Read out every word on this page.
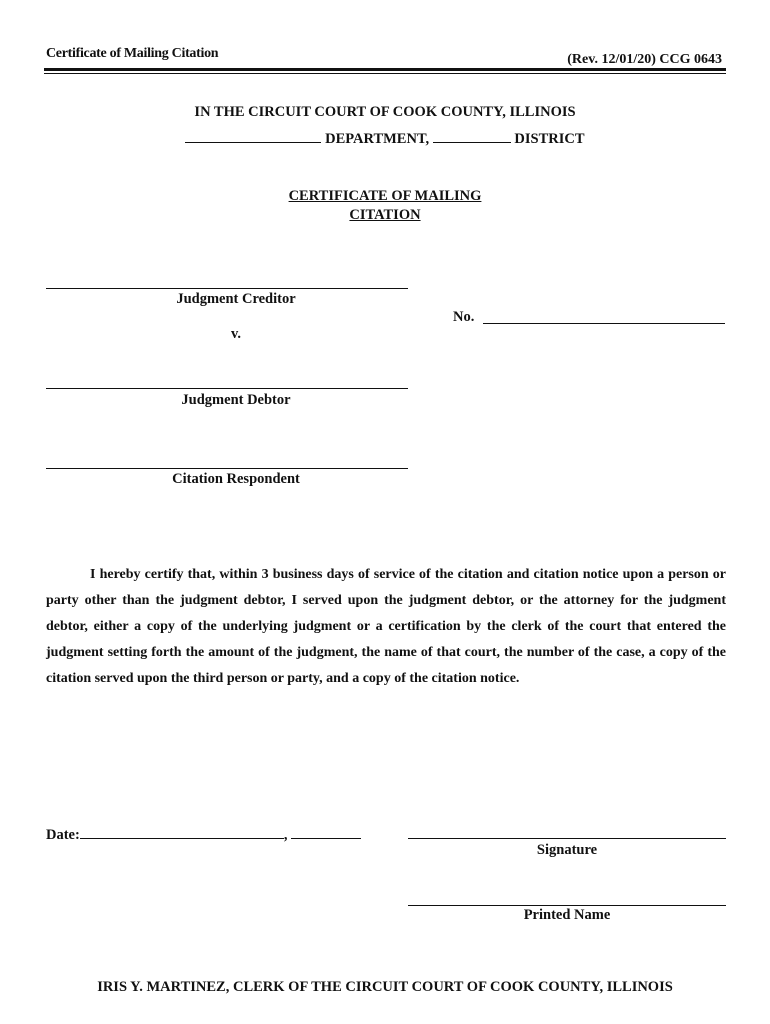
Certificate of Mailing Citation	(Rev. 12/01/20) CCG 0643
IN THE CIRCUIT COURT OF COOK COUNTY, ILLINOIS
DEPARTMENT,	DISTRICT
CERTIFICATE OF MAILING
CITATION
Judgment Creditor
No.
v.
Judgment Debtor
Citation Respondent
I hereby certify that, within 3 business days of service of the citation and citation notice upon a person or party other than the judgment debtor, I served upon the judgment debtor, or the attorney for the judgment debtor, either a copy of the underlying judgment or a certification by the clerk of the court that entered the judgment setting forth the amount of the judgment, the name of that court, the number of the case, a copy of the citation served upon the third person or party, and a copy of the citation notice.
Date:	,
Signature
Printed Name
IRIS Y. MARTINEZ, CLERK OF THE CIRCUIT COURT OF COOK COUNTY, ILLINOIS
